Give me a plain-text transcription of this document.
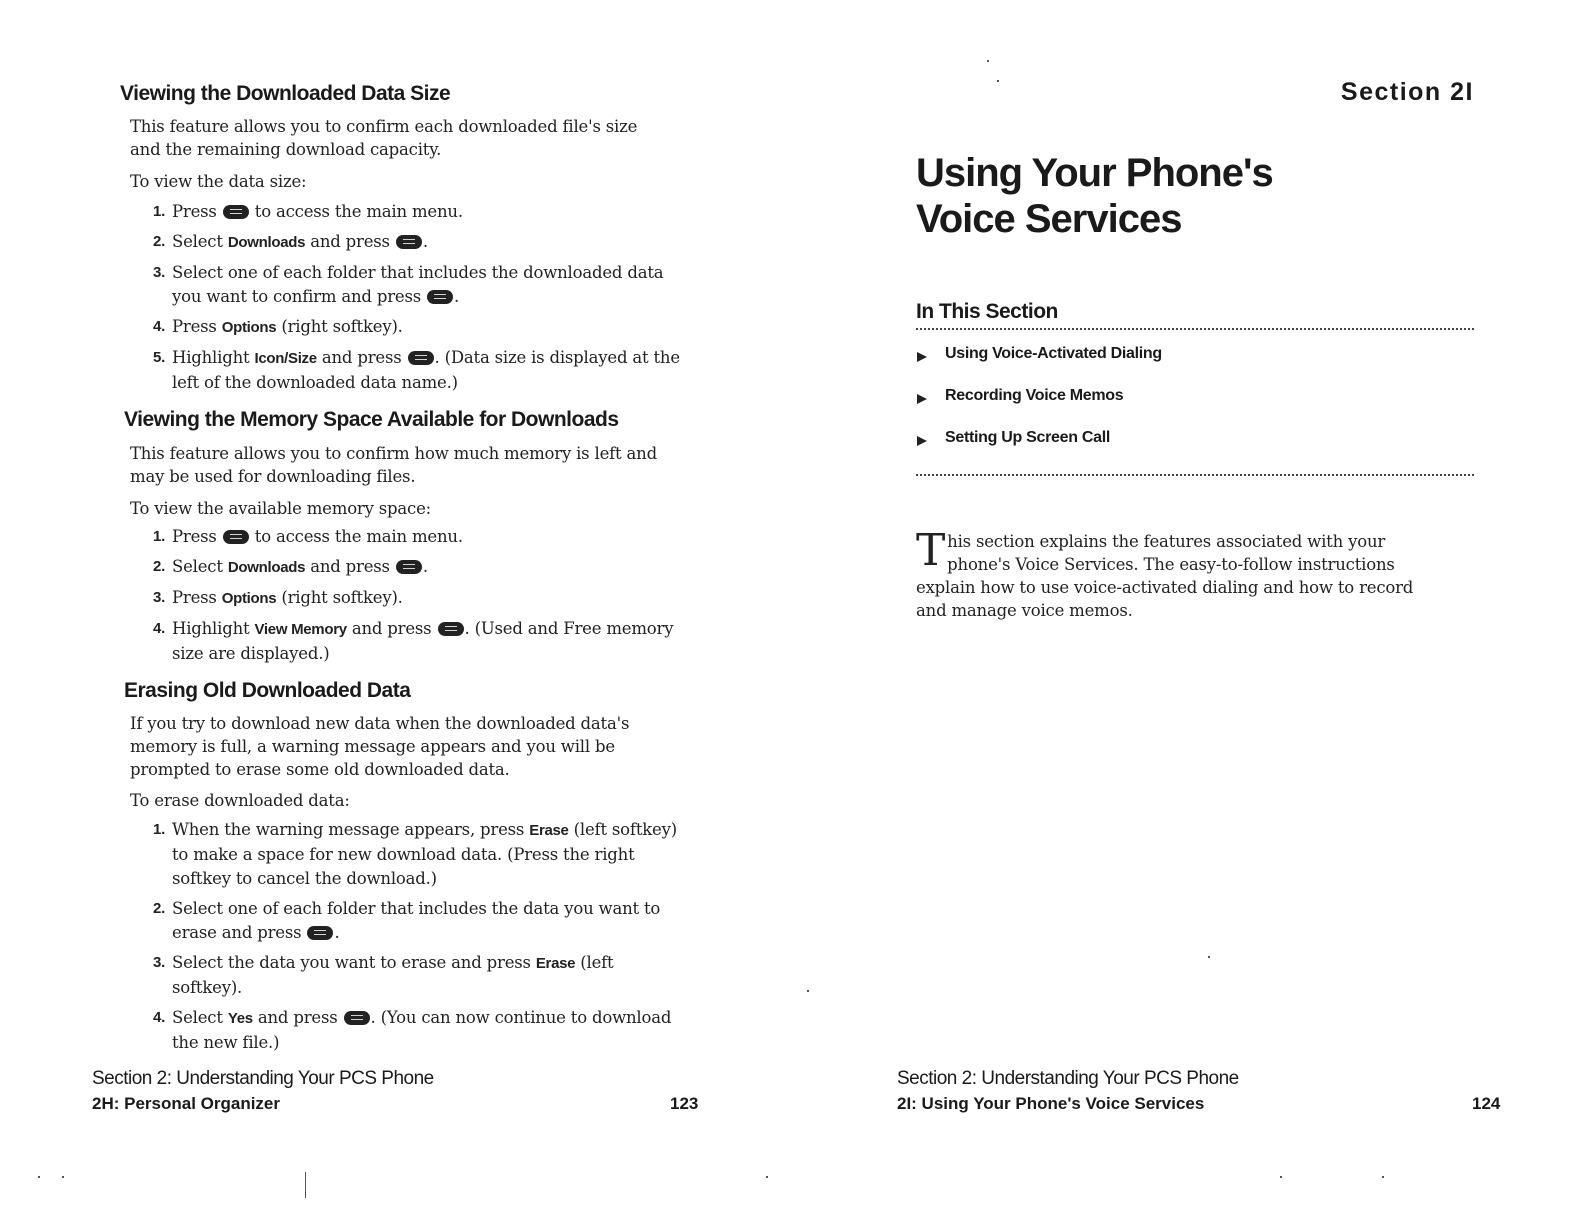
Viewing the Downloaded Data Size
This feature allows you to confirm each downloaded file's size and the remaining download capacity.
To view the data size:
1. Press to access the main menu.
2. Select Downloads and press .
3. Select one of each folder that includes the downloaded data you want to confirm and press .
4. Press Options (right softkey).
5. Highlight Icon/Size and press . (Data size is displayed at the left of the downloaded data name.)
Viewing the Memory Space Available for Downloads
This feature allows you to confirm how much memory is left and may be used for downloading files.
To view the available memory space:
1. Press to access the main menu.
2. Select Downloads and press .
3. Press Options (right softkey).
4. Highlight View Memory and press . (Used and Free memory size are displayed.)
Erasing Old Downloaded Data
If you try to download new data when the downloaded data's memory is full, a warning message appears and you will be prompted to erase some old downloaded data.
To erase downloaded data:
1. When the warning message appears, press Erase (left softkey) to make a space for new download data. (Press the right softkey to cancel the download.)
2. Select one of each folder that includes the data you want to erase and press .
3. Select the data you want to erase and press Erase (left softkey).
4. Select Yes and press . (You can now continue to download the new file.)
Section 2: Understanding Your PCS Phone
2H: Personal Organizer	123
Section 2I
Using Your Phone's
Voice Services
In This Section
Using Voice-Activated Dialing
Recording Voice Memos
Setting Up Screen Call
This section explains the features associated with your phone's Voice Services. The easy-to-follow instructions explain how to use voice-activated dialing and how to record and manage voice memos.
Section 2: Understanding Your PCS Phone
2I: Using Your Phone's Voice Services	124
